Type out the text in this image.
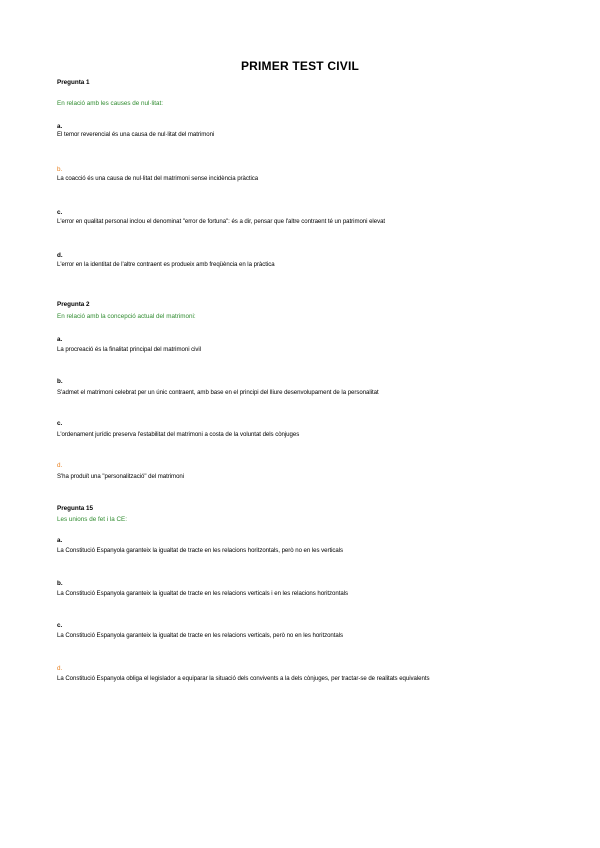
PRIMER TEST CIVIL
Pregunta 1
En relació amb les causes de nul·litat:
a.
El temor reverencial és una causa de nul·litat del matrimoni
b.
La coacció és una causa de nul·litat del matrimoni sense incidència pràctica
c.
L'error en qualitat personal inclou el denominat "error de fortuna": és a dir, pensar que l'altre contraent té un patrimoni elevat
d.
L'error en la identitat de l'altre contraent es produeix amb freqüència en la pràctica
Pregunta 2
En relació amb la concepció actual del matrimoni:
a.
La procreació és la finalitat principal del matrimoni civil
b.
S'admet el matrimoni celebrat per un únic contraent, amb base en el principi del lliure desenvolupament de la personalitat
c.
L'ordenament jurídic preserva l'estabilitat del matrimoni a costa de la voluntat dels cònjuges
d.
S'ha produït una "personalització" del matrimoni
Pregunta 15
Les unions de fet i la CE:
a.
La Constitució Espanyola garanteix la igualtat de tracte en les relacions horitzontals, però no en les verticals
b.
La Constitució Espanyola garanteix la igualtat de tracte en les relacions verticals i en les relacions horitzontals
c.
La Constitució Espanyola garanteix la igualtat de tracte en les relacions verticals, però no en les horitzontals
d.
La Constitució Espanyola obliga el legislador a equiparar la situació dels convivents a la dels cònjuges, per tractar-se de realitats equivalents
